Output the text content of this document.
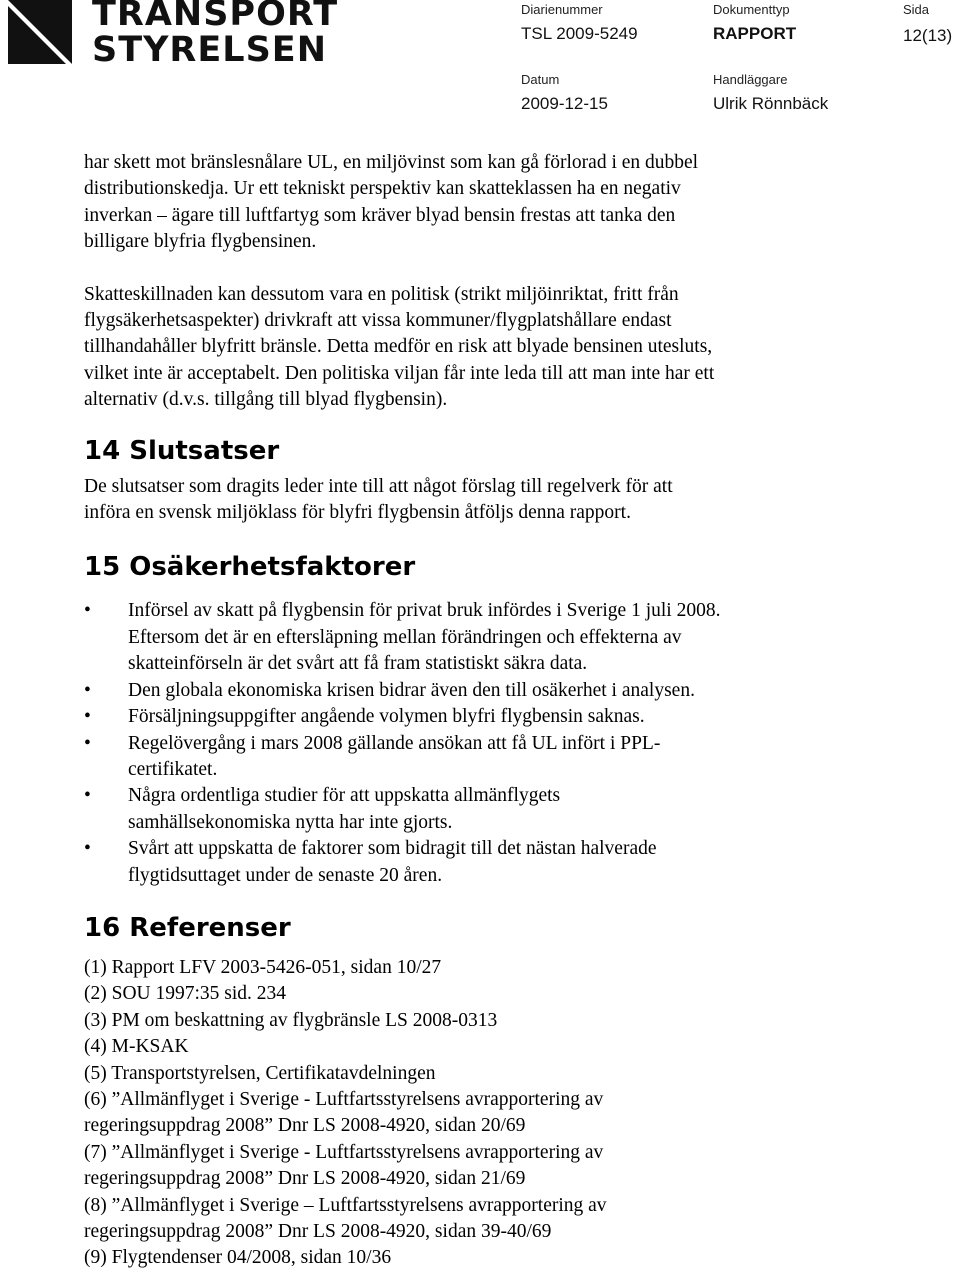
TRANSPORT
STYRELSEN
Diarienummer	Dokumenttyp	Sida
TSL 2009-5249	RAPPORT	12(13)
Datum	Handläggare
2009-12-15	Ulrik Rönnbäck

har skett mot bränslesnålare UL, en miljövinst som kan gå förlorad i en dubbel

distributionskedja. Ur ett tekniskt perspektiv kan skatteklassen ha en negativ

inverkan – ägare till luftfartyg som kräver blyad bensin frestas att tanka den

billigare blyfria flygbensinen.

Skatteskillnaden kan dessutom vara en politisk (strikt miljöinriktat, fritt från

flygsäkerhetsaspekter) drivkraft att vissa kommuner/flygplatshållare endast

tillhandahåller blyfritt bränsle. Detta medför en risk att blyade bensinen utesluts,

vilket inte är acceptabelt. Den politiska viljan får inte leda till att man inte har ett

alternativ (d.v.s. tillgång till blyad flygbensin).

14 Slutsatser

De slutsatser som dragits leder inte till att något förslag till regelverk för att

införa en svensk miljöklass för blyfri flygbensin åtföljs denna rapport.

15 Osäkerhetsfaktorer
• Införsel av skatt på flygbensin för privat bruk infördes i Sverige 1 juli 2008.
Eftersom det är en eftersläpning mellan förändringen och effekterna av
skatteinförseln är det svårt att få fram statistiskt säkra data.
• Den globala ekonomiska krisen bidrar även den till osäkerhet i analysen.
• Försäljningsuppgifter angående volymen blyfri flygbensin saknas.
• Regelövergång i mars 2008 gällande ansökan att få UL infört i PPL-
certifikatet.
• Några ordentliga studier för att uppskatta allmänflygets
samhällsekonomiska nytta har inte gjorts.
• Svårt att uppskatta de faktorer som bidragit till det nästan halverade
flygtidsuttaget under de senaste 20 åren.
16 Referenser

(1) Rapport LFV 2003-5426-051, sidan 10/27

(2) SOU 1997:35 sid. 234

(3) PM om beskattning av flygbränsle LS 2008-0313

(4) M-KSAK

(5) Transportstyrelsen, Certifikatavdelningen

(6) ”Allmänflyget i Sverige - Luftfartsstyrelsens avrapportering av

regeringsuppdrag 2008” Dnr LS 2008-4920, sidan 20/69

(7) ”Allmänflyget i Sverige - Luftfartsstyrelsens avrapportering av

regeringsuppdrag 2008” Dnr LS 2008-4920, sidan 21/69

(8) ”Allmänflyget i Sverige – Luftfartsstyrelsens avrapportering av

regeringsuppdrag 2008” Dnr LS 2008-4920, sidan 39-40/69

(9) Flygtendenser 04/2008, sidan 10/36
